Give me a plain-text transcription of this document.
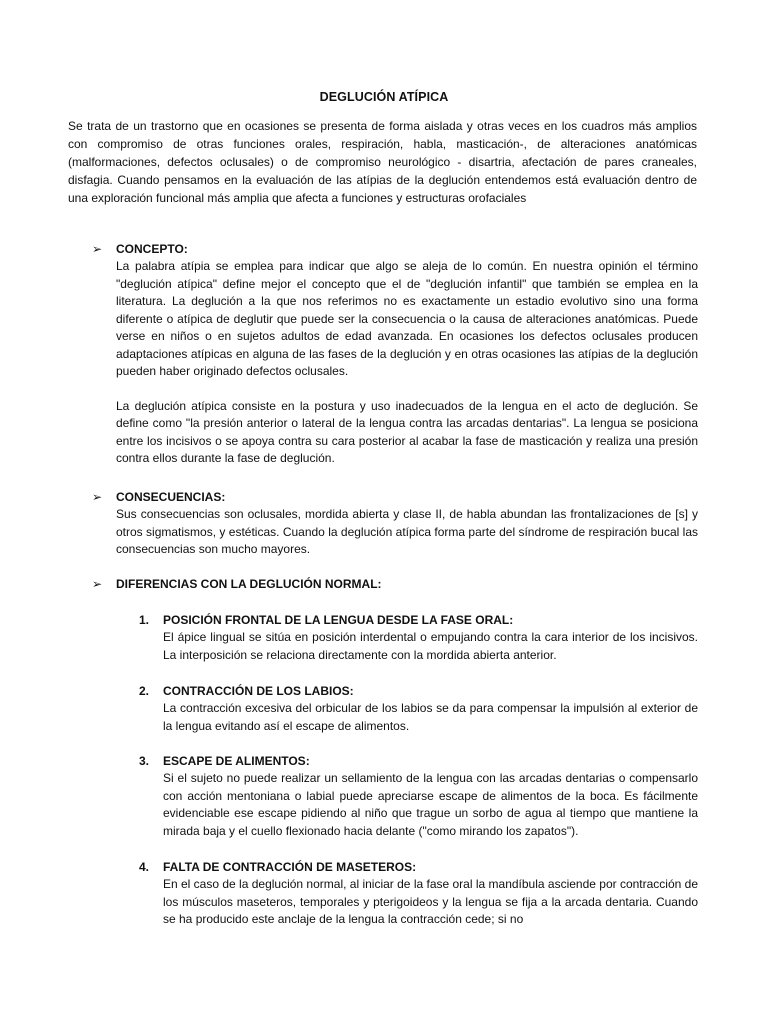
DEGLUCIÓN ATÍPICA

Se trata de un trastorno que en ocasiones se presenta de forma aislada y otras veces en los cuadros más amplios con compromiso de otras funciones orales, respiración, habla, masticación-, de alteraciones anatómicas (malformaciones, defectos oclusales) o de compromiso neurológico - disartria, afectación de pares craneales, disfagia. Cuando pensamos en la evaluación de las atípias de la deglución entendemos está evaluación dentro de una exploración funcional más amplia que afecta a funciones y estructuras orofaciales

➢ CONCEPTO:

La palabra atípia se emplea para indicar que algo se aleja de lo común. En nuestra opinión el término "deglución atípica" define mejor el concepto que el de "deglución infantil" que también se emplea en la literatura. La deglución a la que nos referimos no es exactamente un estadio evolutivo sino una forma diferente o atípica de deglutir que puede ser la consecuencia o la causa de alteraciones anatómicas. Puede verse en niños o en sujetos adultos de edad avanzada. En ocasiones los defectos oclusales producen adaptaciones atípicas en alguna de las fases de la deglución y en otras ocasiones las atípias de la deglución pueden haber originado defectos oclusales.

La deglución atípica consiste en la postura y uso inadecuados de la lengua en el acto de deglución. Se define como "la presión anterior o lateral de la lengua contra las arcadas dentarias". La lengua se posiciona entre los incisivos o se apoya contra su cara posterior al acabar la fase de masticación y realiza una presión contra ellos durante la fase de deglución.

➢ CONSECUENCIAS:

Sus consecuencias son oclusales, mordida abierta y clase II, de habla abundan las frontalizaciones de [s] y otros sigmatismos, y estéticas. Cuando la deglución atípica forma parte del síndrome de respiración bucal las consecuencias son mucho mayores.

➢ DIFERENCIAS CON LA DEGLUCIÓN NORMAL:
1. POSICIÓN FRONTAL DE LA LENGUA DESDE LA FASE ORAL:

El ápice lingual se sitúa en posición interdental o empujando contra la cara interior de los incisivos. La interposición se relaciona directamente con la mordida abierta anterior.

2. CONTRACCIÓN DE LOS LABIOS:

La contracción excesiva del orbicular de los labios se da para compensar la impulsión al exterior de la lengua evitando así el escape de alimentos.

3. ESCAPE DE ALIMENTOS:

Si el sujeto no puede realizar un sellamiento de la lengua con las arcadas dentarias o compensarlo con acción mentoniana o labial puede apreciarse escape de alimentos de la boca. Es fácilmente evidenciable ese escape pidiendo al niño que trague un sorbo de agua al tiempo que mantiene la mirada baja y el cuello flexionado hacia delante ("como mirando los zapatos").

4. FALTA DE CONTRACCIÓN DE MASETEROS:

En el caso de la deglución normal, al iniciar de la fase oral la mandíbula asciende por contracción de los músculos maseteros, temporales y pterigoideos y la lengua se fija a la arcada dentaria. Cuando se ha producido este anclaje de la lengua la contracción cede; si no
